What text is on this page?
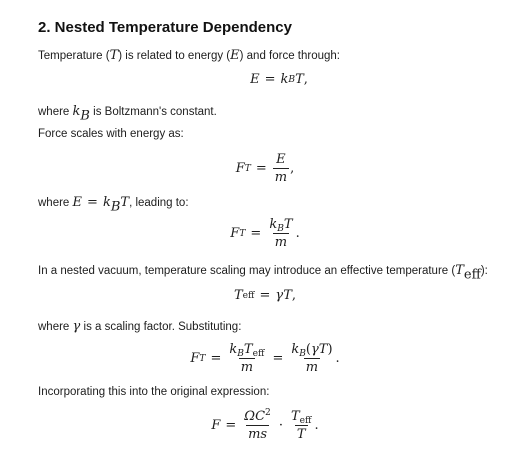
2. Nested Temperature Dependency

Temperature (T) is related to energy (E) and force through:

E = k B T ,

where $k_B$ is Boltzmann's constant.

Force scales with energy as:

F $T = \frac{E}{m}$ ,

where $E = k_BT$, leading to:

F $T = \frac{k_BT}{m}$ .

In a nested vacuum, temperature scaling may introduce an effective temperature $(T_{eff})$:

T eff = γ T ,

where γ is a scaling factor. Substituting:

F $T = \frac{k_BT_{eff}}{m} = \frac{k_B(\gamma T)}{m}$ .

Incorporating this into the original expression:

$F = \frac{\Omega C^2}{ms} \cdot \frac{T_{eff}}{T}$ .
